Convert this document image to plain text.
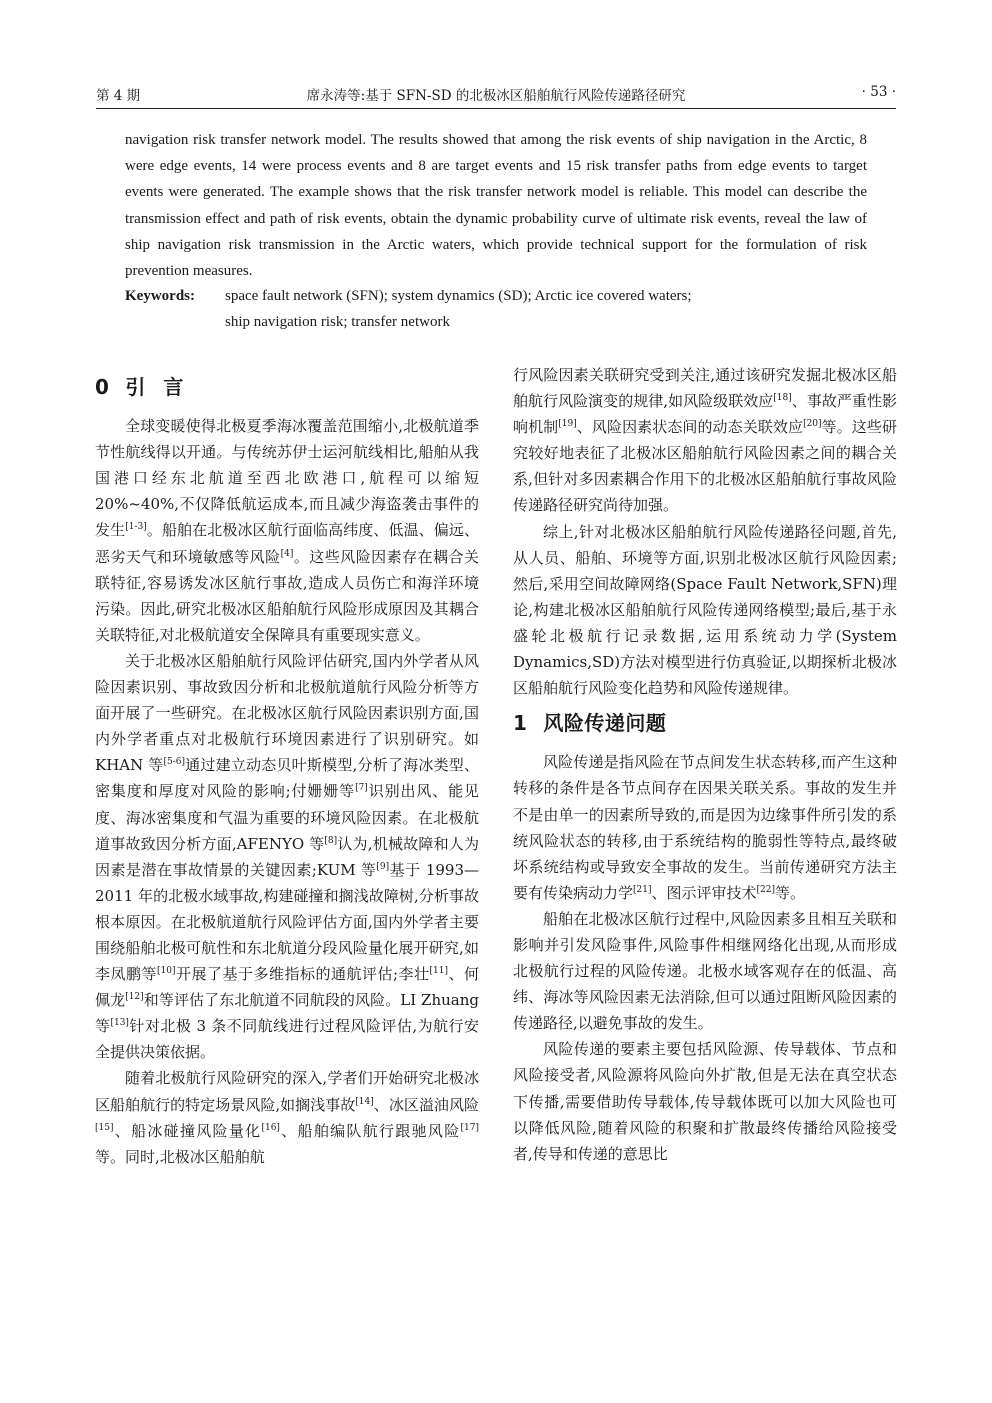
第 4 期	席永涛等:基于 SFN-SD 的北极冰区船舶航行风险传递路径研究	· 53 ·

navigation risk transfer network model. The results showed that among the risk events of ship navigation in the Arctic, 8 were edge events, 14 were process events and 8 are target events and 15 risk transfer paths from edge events to target events were generated. The example shows that the risk transfer network model is reliable. This model can describe the transmission effect and path of risk events, obtain the dynamic probability curve of ultimate risk events, reveal the law of ship navigation risk transmission in the Arctic waters, which provide technical support for the formulation of risk prevention measures.

Keywords: space fault network (SFN); system dynamics (SD); Arctic ice covered waters;
ship navigation risk; transfer network
0 引言

全球变暖使得北极夏季海冰覆盖范围缩小,北极航道季节性航线得以开通。与传统苏伊士运河航线相比,船舶从我国港口经东北航道至西北欧港口,航程可以缩短 20%~40%,不仅降低航运成本,而且减少海盗袭击事件的发生[1-3]。船舶在北极冰区航行面临高纬度、低温、偏远、恶劣天气和环境敏感等风险[4]。这些风险因素存在耦合关联特征,容易诱发冰区航行事故,造成人员伤亡和海洋环境污染。因此,研究北极冰区船舶航行风险形成原因及其耦合关联特征,对北极航道安全保障具有重要现实意义。

关于北极冰区船舶航行风险评估研究,国内外学者从风险因素识别、事故致因分析和北极航道航行风险分析等方面开展了一些研究。在北极冰区航行风险因素识别方面,国内外学者重点对北极航行环境因素进行了识别研究。如 KHAN 等[5-6]通过建立动态贝叶斯模型,分析了海冰类型、密集度和厚度对风险的影响;付姗姗等[7]识别出风、能见度、海冰密集度和气温为重要的环境风险因素。在北极航道事故致因分析方面,AFENYO 等[8]认为,机械故障和人为因素是潜在事故情景的关键因素;KUM 等[9]基于 1993—2011 年的北极水域事故,构建碰撞和搁浅故障树,分析事故根本原因。在北极航道航行风险评估方面,国内外学者主要围绕船舶北极可航性和东北航道分段风险量化展开研究,如李凤鹏等[10]开展了基于多维指标的通航评估;李壮[11]、何佩龙[12]和等评估了东北航道不同航段的风险。LI Zhuang 等[13]针对北极 3 条不同航线进行过程风险评估,为航行安全提供决策依据。

随着北极航行风险研究的深入,学者们开始研究北极冰区船舶航行的特定场景风险,如搁浅事故[14]、冰区溢油风险[15]、船冰碰撞风险量化[16]、船舶编队航行跟驰风险[17]等。同时,北极冰区船舶航

行风险因素关联研究受到关注,通过该研究发掘北极冰区船舶航行风险演变的规律,如风险级联效应[18]、事故严重性影响机制[19]、风险因素状态间的动态关联效应[20]等。这些研究较好地表征了北极冰区船舶航行风险因素之间的耦合关系,但针对多因素耦合作用下的北极冰区船舶航行事故风险传递路径研究尚待加强。

综上,针对北极冰区船舶航行风险传递路径问题,首先,从人员、船舶、环境等方面,识别北极冰区航行风险因素;然后,采用空间故障网络(Space Fault Network,SFN)理论,构建北极冰区船舶航行风险传递网络模型;最后,基于永盛轮北极航行记录数据,运用系统动力学(System Dynamics,SD)方法对模型进行仿真验证,以期探析北极冰区船舶航行风险变化趋势和风险传递规律。

1 风险传递问题

风险传递是指风险在节点间发生状态转移,而产生这种转移的条件是各节点间存在因果关联关系。事故的发生并不是由单一的因素所导致的,而是因为边缘事件所引发的系统风险状态的转移,由于系统结构的脆弱性等特点,最终破坏系统结构或导致安全事故的发生。当前传递研究方法主要有传染病动力学[21]、图示评审技术[22]等。

船舶在北极冰区航行过程中,风险因素多且相互关联和影响并引发风险事件,风险事件相继网络化出现,从而形成北极航行过程的风险传递。北极水域客观存在的低温、高纬、海冰等风险因素无法消除,但可以通过阻断风险因素的传递路径,以避免事故的发生。

风险传递的要素主要包括风险源、传导载体、节点和风险接受者,风险源将风险向外扩散,但是无法在真空状态下传播,需要借助传导载体,传导载体既可以加大风险也可以降低风险,随着风险的积聚和扩散最终传播给风险接受者,传导和传递的意思比
